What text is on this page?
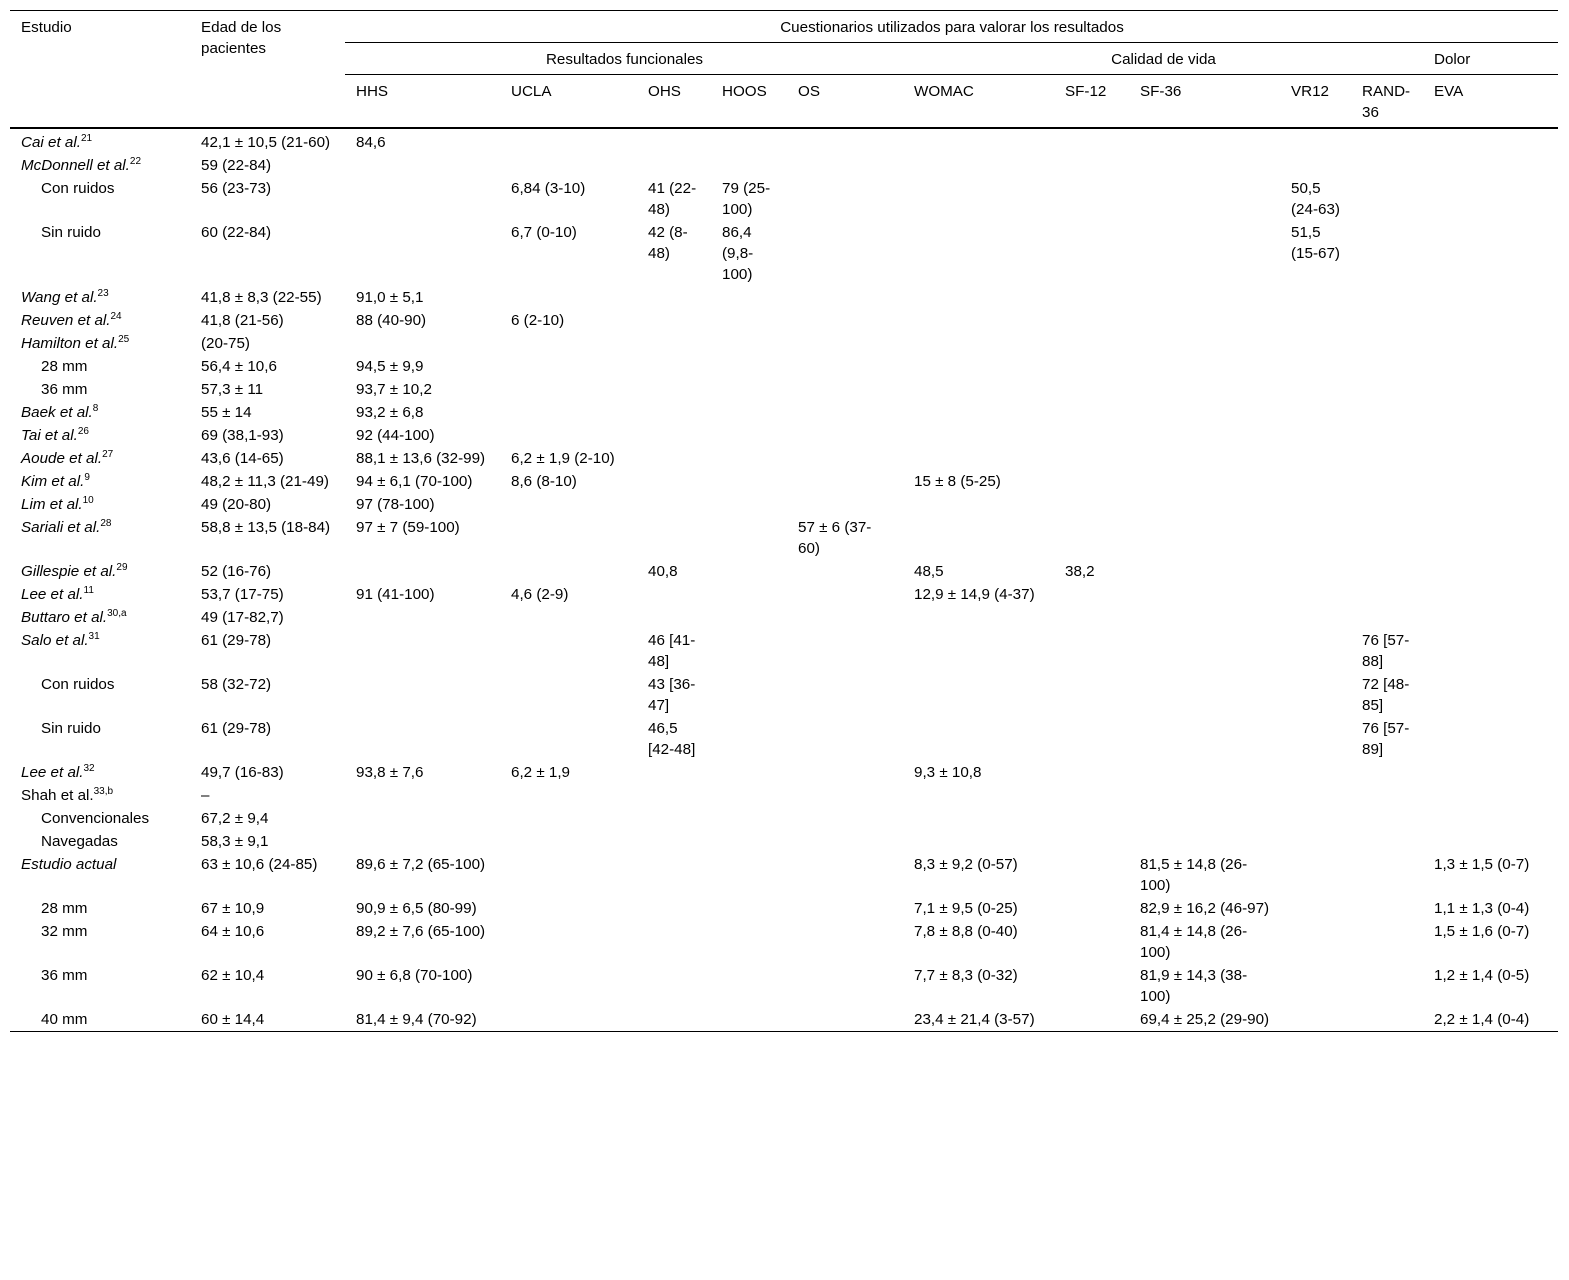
Estudio	Edad de los pacientes	Cuestionarios utilizados para valorar los resultados										
		Resultados funcionales					Calidad de vida					Dolor
		HHS	UCLA	OHS	HOOS	OS	WOMAC	SF-12	SF-36	VR12	RAND-36	EVA
Cai et al.$^{21}$	42,1 ± 10,5 (21-60)	84,6										
McDonnell et al.$^{22}$	59 (22-84)											
Con ruidos	56 (23-73)		6,84 (3-10)	41 (22-48)	79 (25-100)					50,5 (24-63)		
Sin ruido	60 (22-84)		6,7 (0-10)	42 (8-48)	86,4 (9,8-100)					51,5 (15-67)		
Wang et al.$^{23}$	41,8 ± 8,3 (22-55)	91,0 ± 5,1										
Reuven et al.$^{24}$	41,8 (21-56)	88 (40-90)	6 (2-10)									
Hamilton et al.$^{25}$	(20-75)											
28 mm	56,4 ± 10,6	94,5 ± 9,9										
36 mm	57,3 ± 11	93,7 ± 10,2										
Baek et al.$^8$	55 ± 14	93,2 ± 6,8										
Tai et al.$^{26}$	69 (38,1-93)	92 (44-100)										
Aoude et al.$^{27}$	43,6 (14-65)	88,1 ± 13,6 (32-99)	6,2 ± 1,9 (2-10)									
Kim et al.$^9$	48,2 ± 11,3 (21-49)	94 ± 6,1 (70-100)	8,6 (8-10)				15 ± 8 (5-25)					
Lim et al.$^{10}$	49 (20-80)	97 (78-100)										
Sariali et al.$^{28}$	58,8 ± 13,5 (18-84)	97 ± 7 (59-100)				57 ± 6 (37-60)						
Gillespie et al.$^{29}$	52 (16-76)			40,8			48,5	38,2				
Lee et al.$^{11}$	53,7 (17-75)	91 (41-100)	4,6 (2-9)				12,9 ± 14,9 (4-37)					
Buttaro et al.$^{30,a}$	49 (17-82,7)											
Salo et al.$^{31}$	61 (29-78)			46 [41-48]							76 [57-88]	
Con ruidos	58 (32-72)			43 [36-47]							72 [48-85]	
Sin ruido	61 (29-78)			46,5 [42-48]							76 [57-89]	
Lee et al.$^{32}$	49,7 (16-83)	93,8 ± 7,6	6,2 ± 1,9				9,3 ± 10,8					
Shah et al.$^{33,b}$	–											
Convencionales	67,2 ± 9,4											
Navegadas	58,3 ± 9,1											
Estudio actual	63 ± 10,6 (24-85)	89,6 ± 7,2 (65-100)					8,3 ± 9,2 (0-57)		81,5 ± 14,8 (26-100)			1,3 ± 1,5 (0-7)
28 mm	67 ± 10,9	90,9 ± 6,5 (80-99)					7,1 ± 9,5 (0-25)		82,9 ± 16,2 (46-97)			1,1 ± 1,3 (0-4)
32 mm	64 ± 10,6	89,2 ± 7,6 (65-100)					7,8 ± 8,8 (0-40)		81,4 ± 14,8 (26-100)			1,5 ± 1,6 (0-7)
36 mm	62 ± 10,4	90 ± 6,8 (70-100)					7,7 ± 8,3 (0-32)		81,9 ± 14,3 (38-100)			1,2 ± 1,4 (0-5)
40 mm	60 ± 14,4	81,4 ± 9,4 (70-92)					23,4 ± 21,4 (3-57)		69,4 ± 25,2 (29-90)			2,2 ± 1,4 (0-4)
